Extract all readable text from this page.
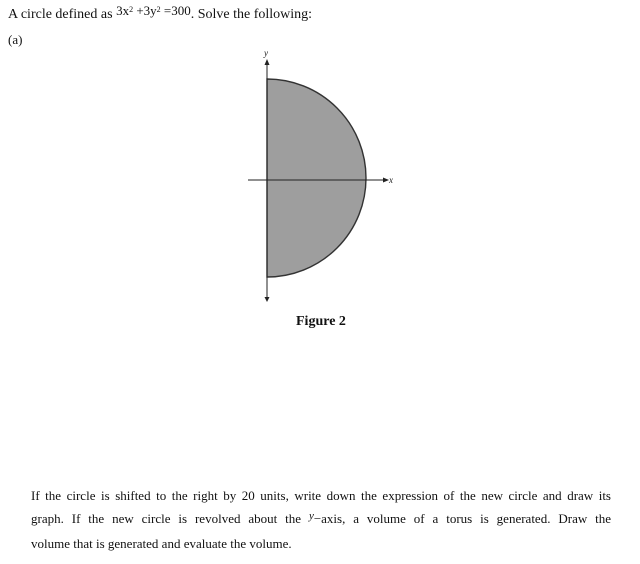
A circle defined as $3x^2 +3y^2 =300$. Solve the following:
(a)
y
x
Figure 2
If the circle is shifted to the right by 20 units, write down the expression of the new circle and draw its
graph. If the new circle is revolved about the $^y$−axis, a volume of a torus is generated. Draw the
volume that is generated and evaluate the volume.
